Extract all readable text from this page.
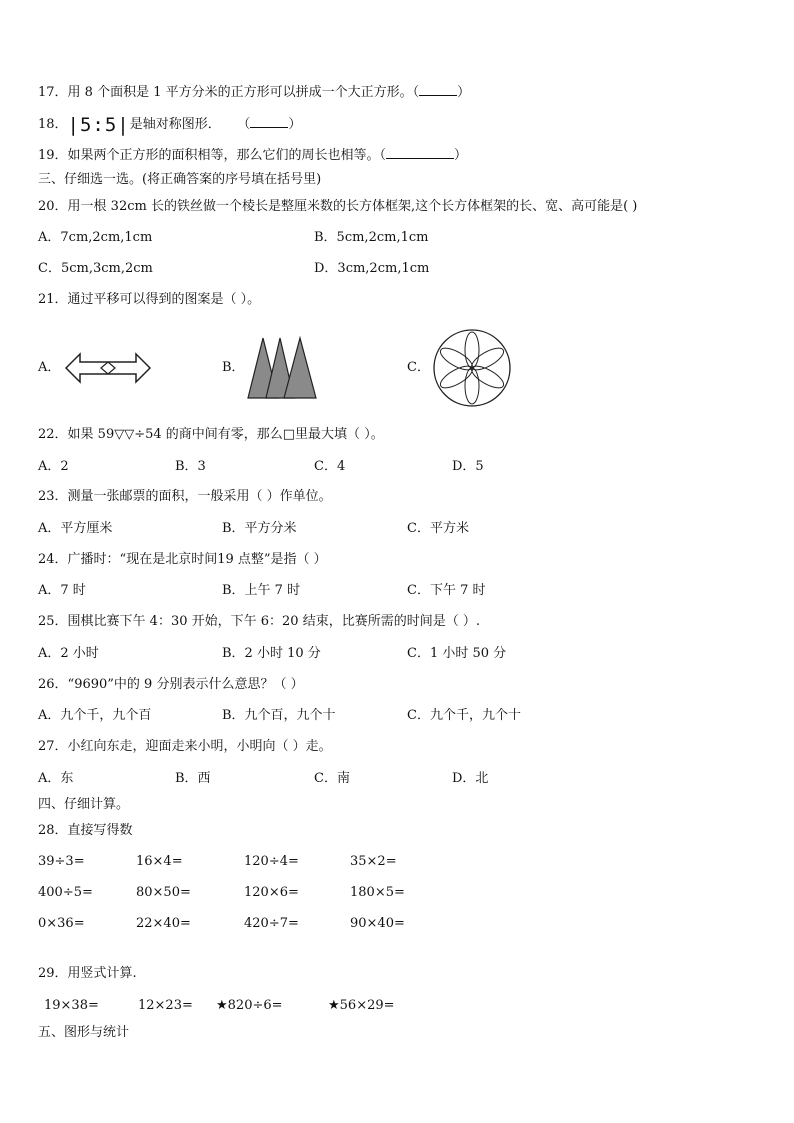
17．用 8 个面积是 1 平方分米的正方形可以拼成一个大正方形。（	）
18．|5:5|是轴对称图形． （	）
19．如果两个正方形的面积相等，那么它们的周长也相等。（	）
三、仔细选一选。(将正确答案的序号填在括号里)
20．用一根 32cm 长的铁丝做一个棱长是整厘米数的长方体框架,这个长方体框架的长、宽、高可能是( )
A．7cm,2cm,1cm	B．5cm,2cm,1cm
C．5cm,3cm,2cm	D．3cm,2cm,1cm
21．通过平移可以得到的图案是（ ）。
A．	B．	C．
22．如果 59▽▽÷54 的商中间有零，那么□里最大填（ ）。
A．2	B．3	C．4	D．5
23．测量一张邮票的面积，一般采用（ ）作单位。
A．平方厘米	B．平方分米	C．平方米
24．广播时：“现在是北京时间19 点整”是指（ ）
A．7 时	B．上午 7 时	C．下午 7 时
25．围棋比赛下午 4：30 开始，下午 6：20 结束，比赛所需的时间是（ ）.
A．2 小时	B．2 小时 10 分	C．1 小时 50 分
26．“9690”中的 9 分别表示什么意思？（ ）
A．九个千，九个百	B．九个百，九个十	C．九个千，九个十
27．小红向东走，迎面走来小明，小明向（ ）走。
A．东	B．西	C．南	D．北
四、仔细计算。
28．直接写得数
39÷3=	16×4=	120÷4=	35×2=
400÷5=	80×50=	120×6=	180×5=
0×36=	22×40=	420÷7=	90×40=
29．用竖式计算.
19×38=	12×23= ★820÷6=	★56×29=
五、图形与统计
